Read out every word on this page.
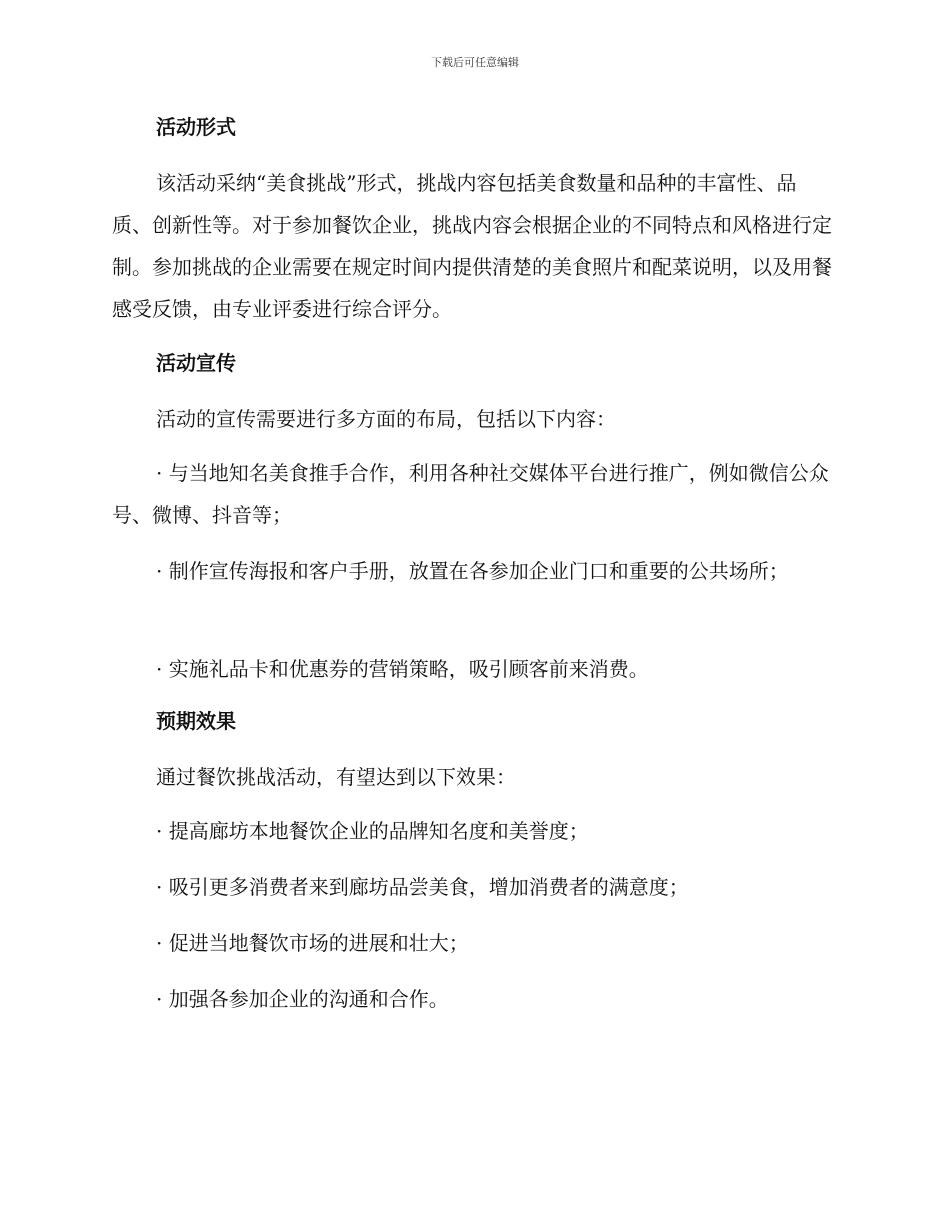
下载后可任意编辑
活动形式

该活动采纳“美食挑战”形式，挑战内容包括美食数量和品种的丰富性、品质、创新性等。对于参加餐饮企业，挑战内容会根据企业的不同特点和风格进行定制。参加挑战的企业需要在规定时间内提供清楚的美食照片和配菜说明，以及用餐感受反馈，由专业评委进行综合评分。

活动宣传

活动的宣传需要进行多方面的布局，包括以下内容：

· 与当地知名美食推手合作，利用各种社交媒体平台进行推广，例如微信公众号、微博、抖音等；

· 制作宣传海报和客户手册，放置在各参加企业门口和重要的公共场所；

· 实施礼品卡和优惠券的营销策略，吸引顾客前来消费。

预期效果

通过餐饮挑战活动，有望达到以下效果：

· 提高廊坊本地餐饮企业的品牌知名度和美誉度；

· 吸引更多消费者来到廊坊品尝美食，增加消费者的满意度；

· 促进当地餐饮市场的进展和壮大；

· 加强各参加企业的沟通和合作。
